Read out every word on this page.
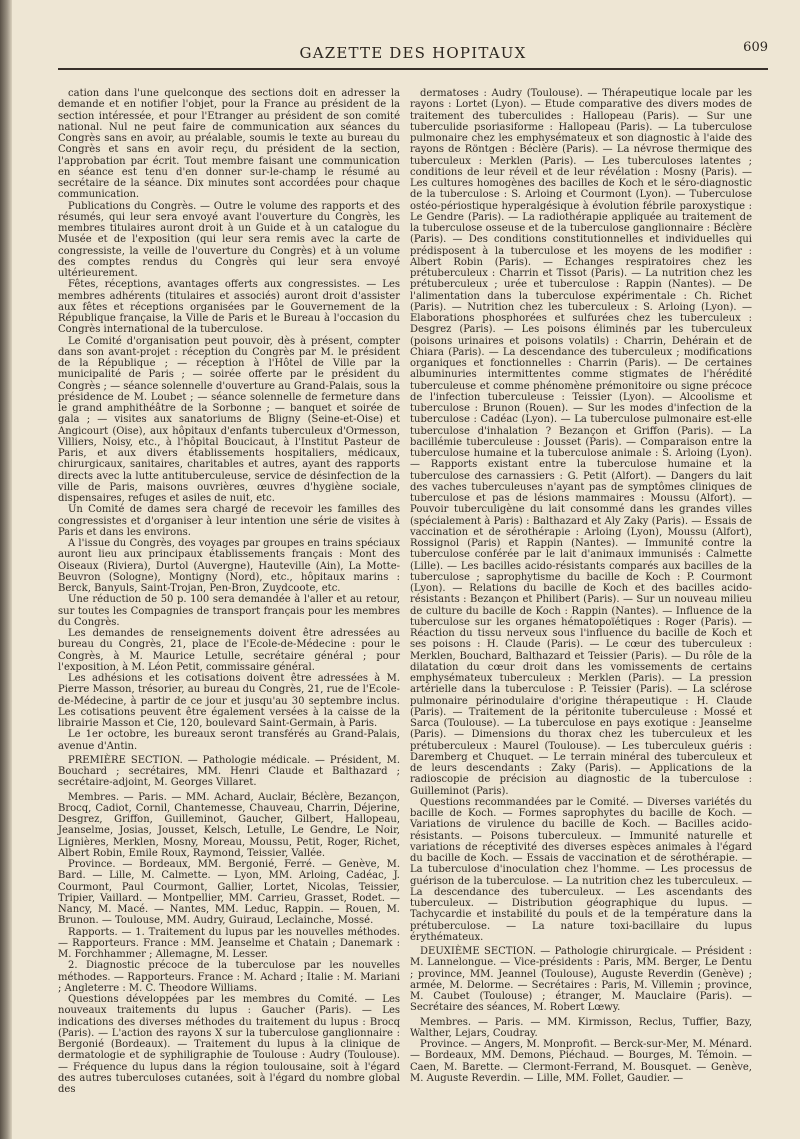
GAZETTE DES HOPITAUX	609

cation dans l'une quelconque des sections doit en adresser la demande et en notifier l'objet, pour la France au président de la section intéressée, et pour l'Etranger au président de son comité national. Nul ne peut faire de communication aux séances du Congrès sans en avoir, au préalable, soumis le texte au bureau du Congrès et sans en avoir reçu, du président de la section, l'approbation par écrit. Tout membre faisant une communication en séance est tenu d'en donner sur-le-champ le résumé au secrétaire de la séance. Dix minutes sont accordées pour chaque communication.

Publications du Congrès. — Outre le volume des rapports et des résumés, qui leur sera envoyé avant l'ouverture du Congrès, les membres titulaires auront droit à un Guide et à un catalogue du Musée et de l'exposition (qui leur sera remis avec la carte de congressiste, la veille de l'ouverture du Congrès) et à un volume des comptes rendus du Congrès qui leur sera envoyé ultérieurement.

Fêtes, réceptions, avantages offerts aux congressistes. — Les membres adhérents (titulaires et associés) auront droit d'assister aux fêtes et réceptions organisées par le Gouvernement de la République française, la Ville de Paris et le Bureau à l'occasion du Congrès international de la tuberculose.

Le Comité d'organisation peut pouvoir, dès à présent, compter dans son avant-projet : réception du Congrès par M. le président de la République ; — réception à l'Hôtel de Ville par la municipalité de Paris ; — soirée offerte par le président du Congrès ; — séance solennelle d'ouverture au Grand-Palais, sous la présidence de M. Loubet ; — séance solennelle de fermeture dans le grand amphithéâtre de la Sorbonne ; — banquet et soirée de gala ; — visites aux sanatoriums de Bligny (Seine-et-Oise) et Angicourt (Oise), aux hôpitaux d'enfants tuberculeux d'Ormesson, Villiers, Noisy, etc., à l'hôpital Boucicaut, à l'Institut Pasteur de Paris, et aux divers établissements hospitaliers, médicaux, chirurgicaux, sanitaires, charitables et autres, ayant des rapports directs avec la lutte antituberculeuse, service de désinfection de la ville de Paris, maisons ouvrières, œuvres d'hygiène sociale, dispensaires, refuges et asiles de nuit, etc.

Un Comité de dames sera chargé de recevoir les familles des congressistes et d'organiser à leur intention une série de visites à Paris et dans les environs.

A l'issue du Congrès, des voyages par groupes en trains spéciaux auront lieu aux principaux établissements français : Mont des Oiseaux (Riviera), Durtol (Auvergne), Hauteville (Ain), La Motte-Beuvron (Sologne), Montigny (Nord), etc., hôpitaux marins : Berck, Banyuls, Saint-Trojan, Pen-Bron, Zuydcoote, etc.

Une réduction de 50 p. 100 sera demandée à l'aller et au retour, sur toutes les Compagnies de transport français pour les membres du Congrès.

Les demandes de renseignements doivent être adressées au bureau du Congrès, 21, place de l'Ecole-de-Médecine : pour le Congrès, à M. Maurice Letulle, secrétaire général ; pour l'exposition, à M. Léon Petit, commissaire général.

Les adhésions et les cotisations doivent être adressées à M. Pierre Masson, trésorier, au bureau du Congrès, 21, rue de l'Ecole-de-Médecine, à partir de ce jour et jusqu'au 30 septembre inclus. Les cotisations peuvent être également versées à la caisse de la librairie Masson et Cie, 120, boulevard Saint-Germain, à Paris.

Le 1er octobre, les bureaux seront transférés au Grand-Palais, avenue d'Antin.

PREMIÈRE SECTION. — Pathologie médicale. — Président, M. Bouchard ; secrétaires, MM. Henri Claude et Balthazard ; secrétaire-adjoint, M. Georges Villaret.

Membres. — Paris. — MM. Achard, Auclair, Béclère, Bezançon, Brocq, Cadiot, Cornil, Chantemesse, Chauveau, Charrin, Déjerine, Desgrez, Griffon, Guilleminot, Gaucher, Gilbert, Hallopeau, Jeanselme, Josias, Jousset, Kelsch, Letulle, Le Gendre, Le Noir, Lignières, Merklen, Mosny, Moreau, Moussu, Petit, Roger, Richet, Albert Robin, Emile Roux, Raymond, Teissier, Vallée.

Province. — Bordeaux, MM. Bergonié, Ferré. — Genève, M. Bard. — Lille, M. Calmette. — Lyon, MM. Arloing, Cadéac, J. Courmont, Paul Courmont, Gallier, Lortet, Nicolas, Teissier, Tripier, Vaillard. — Montpellier, MM. Carrieu, Grasset, Rodet. — Nancy, M. Macé. — Nantes, MM. Leduc, Rappin. — Rouen, M. Brunon. — Toulouse, MM. Audry, Guiraud, Leclainche, Mossé.

Rapports. — 1. Traitement du lupus par les nouvelles méthodes. — Rapporteurs. France : MM. Jeanselme et Chatain ; Danemark : M. Forchhammer ; Allemagne, M. Lesser.

2. Diagnostic précoce de la tuberculose par les nouvelles méthodes. — Rapporteurs. France : M. Achard ; Italie : M. Mariani ; Angleterre : M. C. Theodore Williams.

Questions développées par les membres du Comité. — Les nouveaux traitements du lupus : Gaucher (Paris). — Les indications des diverses méthodes du traitement du lupus : Brocq (Paris). — L'action des rayons X sur la tuberculose ganglionnaire : Bergonié (Bordeaux). — Traitement du lupus à la clinique de dermatologie et de syphiligraphie de Toulouse : Audry (Toulouse). — Fréquence du lupus dans la région toulousaine, soit à l'égard des autres tuberculoses cutanées, soit à l'égard du nombre global des

dermatoses : Audry (Toulouse). — Thérapeutique locale par les rayons : Lortet (Lyon). — Etude comparative des divers modes de traitement des tuberculides : Hallopeau (Paris). — Sur une tuberculide psoriasiforme : Hallopeau (Paris). — La tuberculose pulmonaire chez les emphysémateux et son diagnostic à l'aide des rayons de Röntgen : Béclère (Paris). — La névrose thermique des tuberculeux : Merklen (Paris). — Les tuberculoses latentes ; conditions de leur réveil et de leur révélation : Mosny (Paris). — Les cultures homogènes des bacilles de Koch et le séro-diagnostic de la tuberculose : S. Arloing et Courmont (Lyon). — Tuberculose ostéo-périostique hyperalgésique à évolution fébrile paroxystique : Le Gendre (Paris). — La radiothérapie appliquée au traitement de la tuberculose osseuse et de la tuberculose ganglionnaire : Béclère (Paris). — Des conditions constitutionnelles et individuelles qui prédisposent à la tuberculose et les moyens de les modifier : Albert Robin (Paris). — Echanges respiratoires chez les prétuberculeux : Charrin et Tissot (Paris). — La nutrition chez les prétuberculeux ; urée et tuberculose : Rappin (Nantes). — De l'alimentation dans la tuberculose expérimentale : Ch. Richet (Paris). — Nutrition chez les tuberculeux : S. Arloing (Lyon). — Elaborations phosphorées et sulfurées chez les tuberculeux : Desgrez (Paris). — Les poisons éliminés par les tuberculeux (poisons urinaires et poisons volatils) : Charrin, Dehérain et de Chiara (Paris). — La descendance des tuberculeux ; modifications organiques et fonctionnelles : Charrin (Paris). — De certaines albuminuries intermittentes comme stigmates de l'hérédité tuberculeuse et comme phénomène prémonitoire ou signe précoce de l'infection tuberculeuse : Teissier (Lyon). — Alcoolisme et tuberculose : Brunon (Rouen). — Sur les modes d'infection de la tuberculose : Cadéac (Lyon). — La tuberculose pulmonaire est-elle tuberculose d'inhalation ? Bezançon et Griffon (Paris). — La bacillémie tuberculeuse : Jousset (Paris). — Comparaison entre la tuberculose humaine et la tuberculose animale : S. Arloing (Lyon). — Rapports existant entre la tuberculose humaine et la tuberculose des carnassiers : G. Petit (Alfort). — Dangers du lait des vaches tuberculeuses n'ayant pas de symptômes cliniques de tuberculose et pas de lésions mammaires : Moussu (Alfort). — Pouvoir tuberculigène du lait consommé dans les grandes villes (spécialement à Paris) : Balthazard et Aly Zaky (Paris). — Essais de vaccination et de sérothérapie : Arloing (Lyon), Moussu (Alfort), Rossignol (Paris) et Rappin (Nantes). — Immunité contre la tuberculose conférée par le lait d'animaux immunisés : Calmette (Lille). — Les bacilles acido-résistants comparés aux bacilles de la tuberculose ; saprophytisme du bacille de Koch : P. Courmont (Lyon). — Relations du bacille de Koch et des bacilles acido-résistants : Bezançon et Philibert (Paris). — Sur un nouveau milieu de culture du bacille de Koch : Rappin (Nantes). — Influence de la tuberculose sur les organes hématopoïétiques : Roger (Paris). — Réaction du tissu nerveux sous l'influence du bacille de Koch et ses poisons : H. Claude (Paris). — Le cœur des tuberculeux : Merklen, Bouchard, Balthazard et Teissier (Paris). — Du rôle de la dilatation du cœur droit dans les vomissements de certains emphysémateux tuberculeux : Merklen (Paris). — La pression artérielle dans la tuberculose : P. Teissier (Paris). — La sclérose pulmonaire périnodulaire d'origine thérapeutique : H. Claude (Paris). — Traitement de la péritonite tuberculeuse : Mossé et Sarca (Toulouse). — La tuberculose en pays exotique : Jeanselme (Paris). — Dimensions du thorax chez les tuberculeux et les prétuberculeux : Maurel (Toulouse). — Les tuberculeux guéris : Daremberg et Chuquet. — Le terrain minéral des tuberculeux et de leurs descendants : Zaky (Paris). — Applications de la radioscopie de précision au diagnostic de la tuberculose : Guilleminot (Paris).

Questions recommandées par le Comité. — Diverses variétés du bacille de Koch. — Formes saprophytes du bacille de Koch. — Variations de virulence du bacille de Koch. — Bacilles acido-résistants. — Poisons tuberculeux. — Immunité naturelle et variations de réceptivité des diverses espèces animales à l'égard du bacille de Koch. — Essais de vaccination et de sérothérapie. — La tuberculose d'inoculation chez l'homme. — Les processus de guérison de la tuberculose. — La nutrition chez les tuberculeux. — La descendance des tuberculeux. — Les ascendants des tuberculeux. — Distribution géographique du lupus. — Tachycardie et instabilité du pouls et de la température dans la prétuberculose. — La nature toxi-bacillaire du lupus érythémateux.

DEUXIÈME SECTION. — Pathologie chirurgicale. — Président : M. Lannelongue. — Vice-présidents : Paris, MM. Berger, Le Dentu ; province, MM. Jeannel (Toulouse), Auguste Reverdin (Genève) ; armée, M. Delorme. — Secrétaires : Paris, M. Villemin ; province, M. Caubet (Toulouse) ; étranger, M. Mauclaire (Paris). — Secrétaire des séances, M. Robert Lœwy.

Membres. — Paris. — MM. Kirmisson, Reclus, Tuffier, Bazy, Walther, Lejars, Coudray.

Province. — Angers, M. Monprofit. — Berck-sur-Mer, M. Ménard. — Bordeaux, MM. Demons, Piéchaud. — Bourges, M. Témoin. — Caen, M. Barette. — Clermont-Ferrand, M. Bousquet. — Genève, M. Auguste Reverdin. — Lille, MM. Follet, Gaudier. —
